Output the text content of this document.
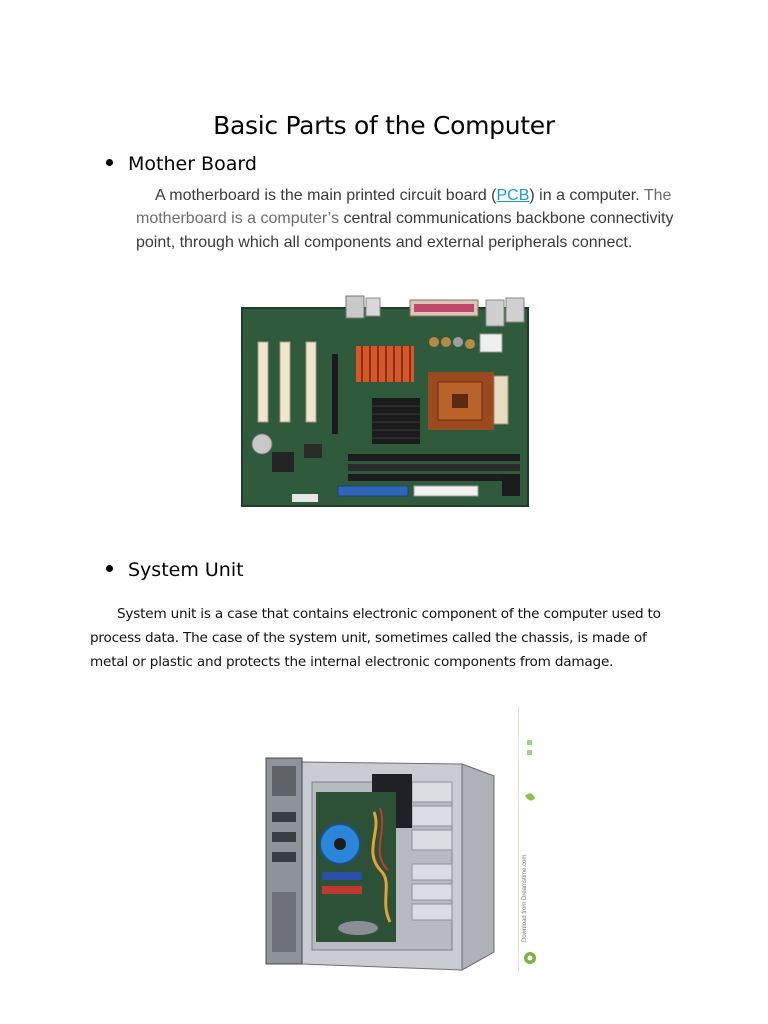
Basic Parts of the Computer
Mother Board

A motherboard is the main printed circuit board (PCB) in a computer. The motherboard is a computer’s central communications backbone connectivity point, through which all components and external peripherals connect.

System Unit

System unit is a case that contains electronic component of the computer used to process data. The case of the system unit, sometimes called the chassis, is made of metal or plastic and protects the internal electronic components from damage.

Download from Dreamstime.com
